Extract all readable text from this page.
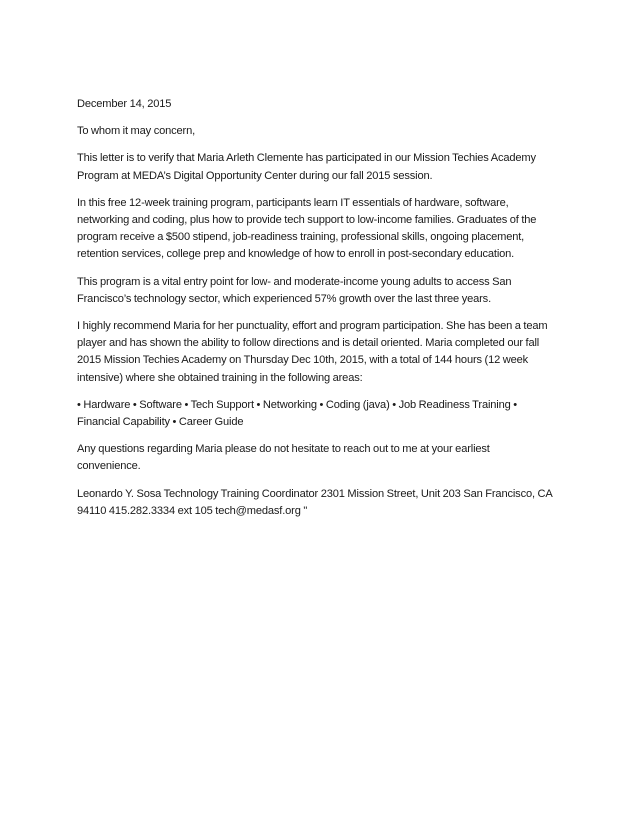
December 14, 2015

To whom it may concern,

This letter is to verify that Maria Arleth Clemente has participated in our Mission Techies Academy Program at MEDA’s Digital Opportunity Center during our fall 2015 session.

In this free 12-week training program, participants learn IT essentials of hardware, software, networking and coding, plus how to provide tech support to low-income families. Graduates of the program receive a $500 stipend, job-readiness training, professional skills, ongoing placement, retention services, college prep and knowledge of how to enroll in post-secondary education.

This program is a vital entry point for low- and moderate-income young adults to access San Francisco’s technology sector, which experienced 57% growth over the last three years.

I highly recommend Maria for her punctuality, effort and program participation. She has been a team player and has shown the ability to follow directions and is detail oriented. Maria completed our fall 2015 Mission Techies Academy on Thursday Dec 10th, 2015, with a total of 144 hours (12 week intensive) where she obtained training in the following areas:

• Hardware • Software • Tech Support • Networking • Coding (java) • Job Readiness Training • Financial Capability • Career Guide

Any questions regarding Maria please do not hesitate to reach out to me at your earliest convenience.

Leonardo Y. Sosa Technology Training Coordinator 2301 Mission Street, Unit 203 San Francisco, CA 94110 415.282.3334 ext 105 tech@medasf.org "
